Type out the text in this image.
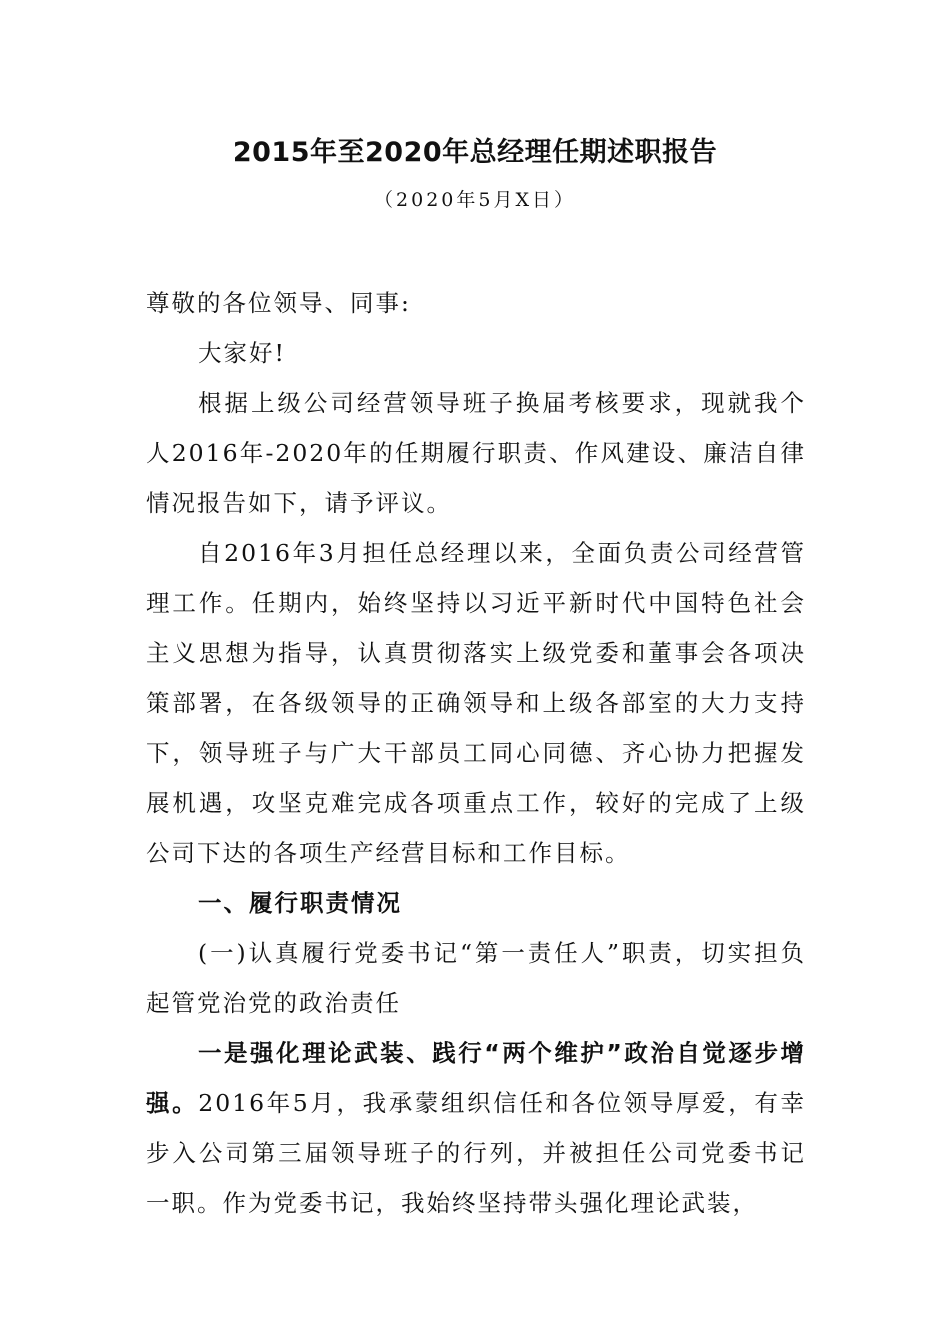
2015年至2020年总经理任期述职报告
（2020年5月X日）

尊敬的各位领导、同事:

大家好!

根据上级公司经营领导班子换届考核要求，现就我个人2016年-2020年的任期履行职责、作风建设、廉洁自律情况报告如下，请予评议。

自2016年3月担任总经理以来，全面负责公司经营管理工作。任期内，始终坚持以习近平新时代中国特色社会主义思想为指导，认真贯彻落实上级党委和董事会各项决策部署，在各级领导的正确领导和上级各部室的大力支持下，领导班子与广大干部员工同心同德、齐心协力把握发展机遇，攻坚克难完成各项重点工作，较好的完成了上级公司下达的各项生产经营目标和工作目标。

一、履行职责情况

(一)认真履行党委书记“第一责任人”职责，切实担负起管党治党的政治责任

一是强化理论武装、践行“两个维护”政治自觉逐步增强。2016年5月，我承蒙组织信任和各位领导厚爱，有幸步入公司第三届领导班子的行列，并被担任公司党委书记一职。作为党委书记，我始终坚持带头强化理论武装，
